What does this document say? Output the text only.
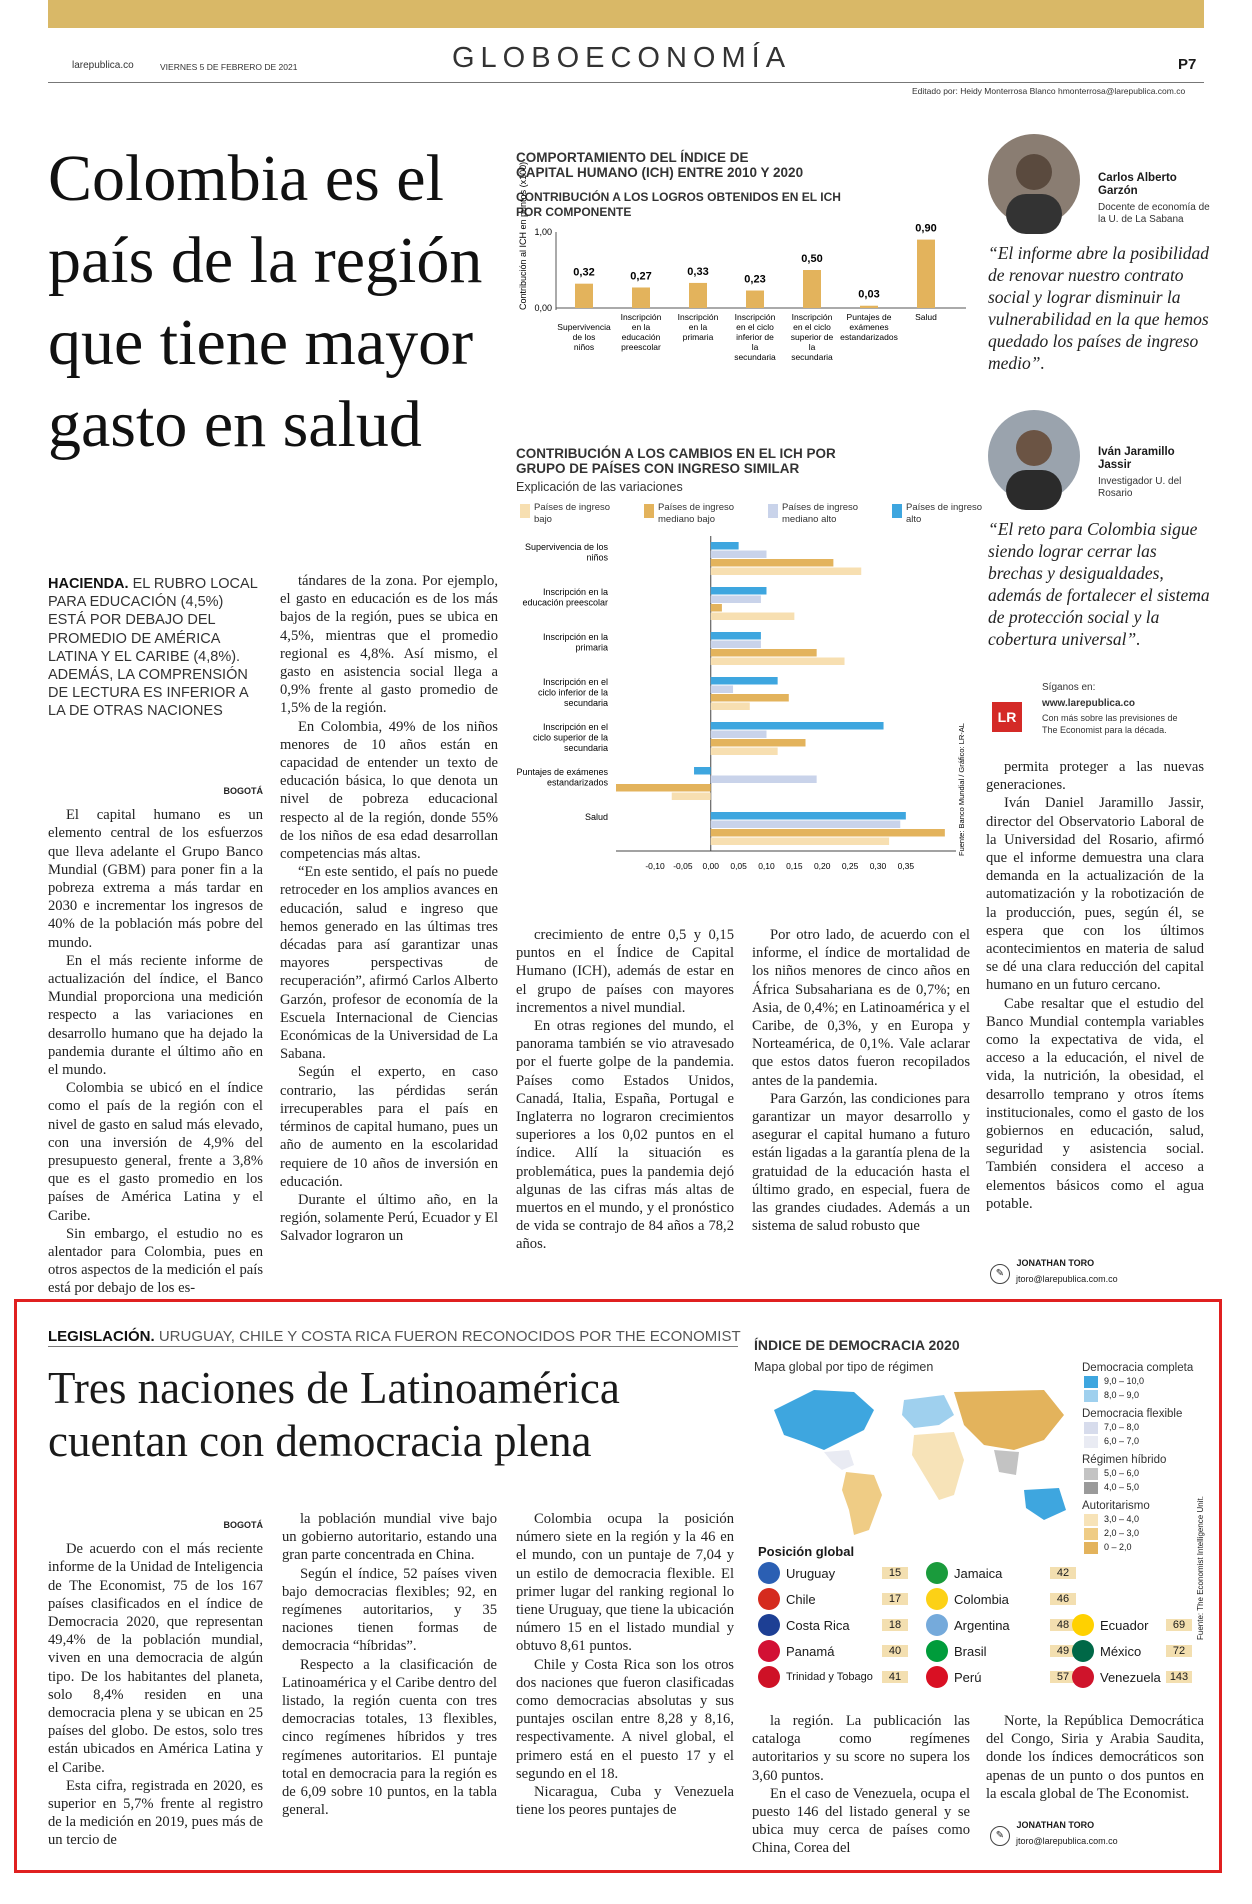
larepublica.co	VIERNES 5 DE FEBRERO DE 2021	GLOBOECONOMÍA	P7
Editado por: Heidy Monterrosa Blanco hmonterrosa@larepublica.com.co
Colombia es el país de la región que tiene mayor gasto en salud
HACIENDA. EL RUBRO LOCAL PARA EDUCACIÓN (4,5%) ESTÁ POR DEBAJO DEL PROMEDIO DE AMÉRICA LATINA Y EL CARIBE (4,8%). ADEMÁS, LA COMPRENSIÓN DE LECTURA ES INFERIOR A LA DE OTRAS NACIONES
BOGOTÁ

El capital humano es un elemento central de los esfuerzos que lleva adelante el Grupo Banco Mundial (GBM) para poner fin a la pobreza extrema a más tardar en 2030 e incrementar los ingresos de 40% de la población más pobre del mundo.

En el más reciente informe de actualización del índice, el Banco Mundial proporciona una medición respecto a las variaciones en desarrollo humano que ha dejado la pandemia durante el último año en el mundo.

Colombia se ubicó en el índice como el país de la región con el nivel de gasto en salud más elevado, con una inversión de 4,9% del presupuesto general, frente a 3,8% que es el gasto promedio en los países de América Latina y el Caribe.

Sin embargo, el estudio no es alentador para Colombia, pues en otros aspectos de la medición el país está por debajo de los es-

tándares de la zona. Por ejemplo, el gasto en educación es de los más bajos de la región, pues se ubica en 4,5%, mientras que el promedio regional es 4,8%. Así mismo, el gasto en asistencia social llega a 0,9% frente al gasto promedio de 1,5% de la región.

En Colombia, 49% de los niños menores de 10 años están en capacidad de entender un texto de educación básica, lo que denota un nivel de pobreza educacional respecto al de la región, donde 55% de los niños de esa edad desarrollan competencias más altas.

“En este sentido, el país no puede retroceder en los amplios avances en educación, salud e ingreso que hemos generado en las últimas tres décadas para así garantizar unas mayores perspectivas de recuperación”, afirmó Carlos Alberto Garzón, profesor de economía de la Escuela Internacional de Ciencias Económicas de la Universidad de La Sabana.

Según el experto, en caso contrario, las pérdidas serán irrecuperables para el país en términos de capital humano, pues un año de aumento en la escolaridad requiere de 10 años de inversión en educación.

Durante el último año, en la región, solamente Perú, Ecuador y El Salvador lograron un

crecimiento de entre 0,5 y 0,15 puntos en el Índice de Capital Humano (ICH), además de estar en el grupo de países con mayores incrementos a nivel mundial.

En otras regiones del mundo, el panorama también se vio atravesado por el fuerte golpe de la pandemia. Países como Estados Unidos, Canadá, Italia, España, Portugal e Inglaterra no lograron crecimientos superiores a los 0,02 puntos en el índice. Allí la situación es problemática, pues la pandemia dejó algunas de las cifras más altas de muertos en el mundo, y el pronóstico de vida se contrajo de 84 años a 78,2 años.

Por otro lado, de acuerdo con el informe, el índice de mortalidad de los niños menores de cinco años en África Subsahariana es de 0,7%; en Asia, de 0,4%; en Latinoamérica y el Caribe, de 0,3%, y en Europa y Norteamérica, de 0,1%. Vale aclarar que estos datos fueron recopilados antes de la pandemia.

Para Garzón, las condiciones para garantizar un mayor desarrollo y asegurar el capital humano a futuro están ligadas a la garantía plena de la gratuidad de la educación hasta el último grado, en especial, fuera de las grandes ciudades. Además a un sistema de salud robusto que

permita proteger a las nuevas generaciones.

Iván Daniel Jaramillo Jassir, director del Observatorio Laboral de la Universidad del Rosario, afirmó que el informe demuestra una clara demanda en la actualización de la automatización y la robotización de la producción, pues, según él, se espera que con los últimos acontecimientos en materia de salud se dé una clara reducción del capital humano en un futuro cercano.

Cabe resaltar que el estudio del Banco Mundial contempla variables como la expectativa de vida, el acceso a la educación, el nivel de vida, la nutrición, la obesidad, el desarrollo temprano y otros ítems institucionales, como el gasto de los gobiernos en educación, salud, seguridad y asistencia social. También considera el acceso a elementos básicos como el agua potable.

✎ JONATHAN TORO
jtoro@larepublica.com.co
COMPORTAMIENTO DEL ÍNDICE DE CAPITAL HUMANO (ICH) ENTRE 2010 Y 2020
CONTRIBUCIÓN A LOS LOGROS OBTENIDOS EN EL ICH POR COMPONENTE
Contribución al ICH en puntos (x100) 1,00
0,00
0,32
Supervivencia
de los
niños
0,27
Inscripción
en la
educación
preescolar
0,33
Inscripción
en la
primaria
0,23
Inscripción
en el ciclo
inferior de
la
secundaria
0,50
Inscripción
en el ciclo
superior de
la
secundaria
0,03
Puntajes de
exámenes
estandarizados
0,90
Salud
CONTRIBUCIÓN A LOS CAMBIOS EN EL ICH POR GRUPO DE PAÍSES CON INGRESO SIMILAR
Explicación de las variaciones
Países de ingreso
bajo
Países de ingreso
mediano bajo
Países de ingreso
mediano alto
Países de ingreso
alto
-0,10 -0,05 0,00 0,05 0,10 0,15 0,20 0,25 0,30 0,35
Supervivencia de los
niños
Inscripción en la
educación preescolar
Inscripción en la
primaria
Inscripción en el
ciclo inferior de la
secundaria
Inscripción en el
ciclo superior de la
secundaria
Puntajes de exámenes
estandarizados
Salud	Fuente: Banco Mundial / Gráfico: LR-AL
Carlos Alberto Garzón
Docente de economía de la U. de La Sabana
“El informe abre la posibilidad de renovar nuestro contrato social y lograr disminuir la vulnerabilidad en la que hemos quedado los países de ingreso medio”.
Iván Jaramillo Jassir
Investigador U. del Rosario
“El reto para Colombia sigue siendo lograr cerrar las brechas y desigualdades, además de fortalecer el sistema de protección social y la cobertura universal”.
Síganos en:
LR
www.larepublica.co
Con más sobre las previsiones de The Economist para la década.
LEGISLACIÓN. URUGUAY, CHILE Y COSTA RICA FUERON RECONOCIDOS POR THE ECONOMIST
Tres naciones de Latinoamérica cuentan con democracia plena
BOGOTÁ

De acuerdo con el más reciente informe de la Unidad de Inteligencia de The Economist, 75 de los 167 países clasificados en el índice de Democracia 2020, que representan 49,4% de la población mundial, viven en una democracia de algún tipo. De los habitantes del planeta, solo 8,4% residen en una democracia plena y se ubican en 25 países del globo. De estos, solo tres están ubicados en América Latina y el Caribe.

Esta cifra, registrada en 2020, es superior en 5,7% frente al registro de la medición en 2019, pues más de un tercio de

la población mundial vive bajo un gobierno autoritario, estando una gran parte concentrada en China.

Según el índice, 52 países viven bajo democracias flexibles; 92, en regímenes autoritarios, y 35 naciones tienen formas de democracia “híbridas”.

Respecto a la clasificación de Latinoamérica y el Caribe dentro del listado, la región cuenta con tres democracias totales, 13 flexibles, cinco regímenes híbridos y tres regímenes autoritarios. El puntaje total en democracia para la región es de 6,09 sobre 10 puntos, en la tabla general.

Colombia ocupa la posición número siete en la región y la 46 en el mundo, con un puntaje de 7,04 y un estilo de democracia flexible. El primer lugar del ranking regional lo tiene Uruguay, que tiene la ubicación número 15 en el listado mundial y obtuvo 8,61 puntos.

Chile y Costa Rica son los otros dos naciones que fueron clasificadas como democracias absolutas y sus puntajes oscilan entre 8,28 y 8,16, respectivamente. A nivel global, el primero está en el puesto 17 y el segundo en el 18.

Nicaragua, Cuba y Venezuela tiene los peores puntajes de

la región. La publicación las cataloga como regímenes autoritarios y su score no supera los 3,60 puntos.

En el caso de Venezuela, ocupa el puesto 146 del listado general y se ubica muy cerca de países como China, Corea del

Norte, la República Democrática del Congo, Siria y Arabia Saudita, donde los índices democráticos son apenas de un punto o dos puntos en la escala global de The Economist.

✎ JONATHAN TORO
jtoro@larepublica.com.co
ÍNDICE DE DEMOCRACIA 2020
Mapa global por tipo de régimen	Democracia completa
9,0 – 10,0
8,0 – 9,0
Democracia flexible
7,0 – 8,0
6,0 – 7,0
Régimen híbrido
5,0 – 6,0
4,0 – 5,0
Autoritarismo
3,0 – 4,0
2,0 – 3,0
0 – 2,0
Posición global
Uruguay	15
Chile	17
Costa Rica	18
Panamá	40
Trinidad y Tobago	41
Jamaica	42
Colombia	46
Argentina	48
Brasil	49
Perú	57
Ecuador	69
México	72
Venezuela 143
Fuente: The Economist Intelligence Unit.
